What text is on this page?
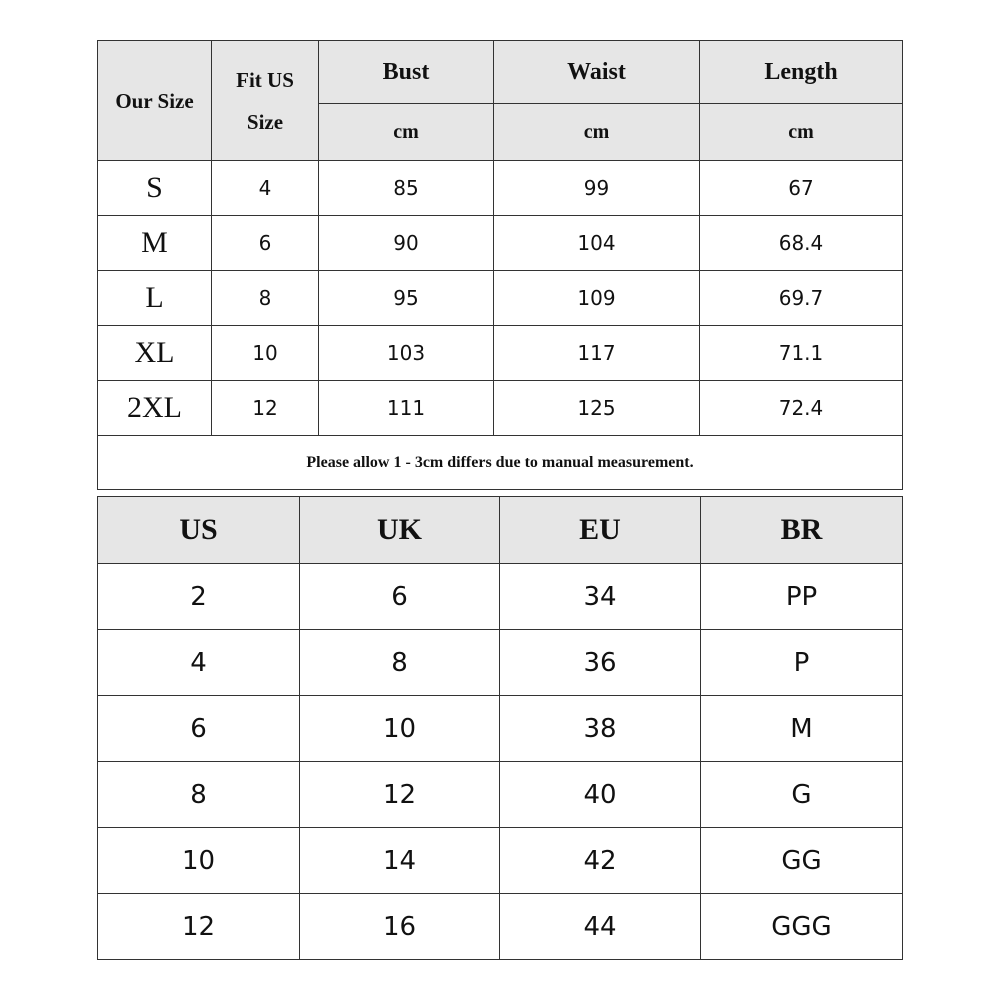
Our Size	Fit US Size	Bust	Waist	Length
		cm	cm	cm
S	4	85	99	67
M	6	90	104	68.4
L	8	95	109	69.7
XL	10	103	117	71.1
2XL	12	111	125	72.4
Please allow 1 - 3cm differs due to manual measurement.				
US	UK	EU	BR
2	6	34	PP
4	8	36	P
6	10	38	M
8	12	40	G
10	14	42	GG
12	16	44	GGG
